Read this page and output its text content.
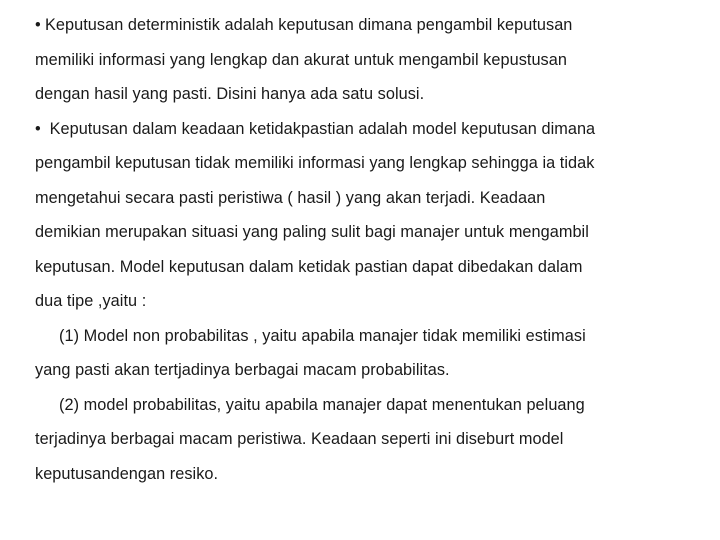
• Keputusan deterministik adalah keputusan dimana pengambil keputusan
memiliki informasi yang lengkap dan akurat untuk mengambil kepustusan
dengan hasil yang pasti. Disini hanya ada satu solusi.
• Keputusan dalam keadaan ketidakpastian adalah model keputusan dimana
pengambil keputusan tidak memiliki informasi yang lengkap sehingga ia tidak
mengetahui secara pasti peristiwa ( hasil ) yang akan terjadi. Keadaan
demikian merupakan situasi yang paling sulit bagi manajer untuk mengambil
keputusan. Model keputusan dalam ketidak pastian dapat dibedakan dalam
dua tipe ,yaitu :
(1) Model non probabilitas , yaitu apabila manajer tidak memiliki estimasi
yang pasti akan tertjadinya berbagai macam probabilitas.
(2) model probabilitas, yaitu apabila manajer dapat menentukan peluang
terjadinya berbagai macam peristiwa. Keadaan seperti ini diseburt model
keputusandengan resiko.
